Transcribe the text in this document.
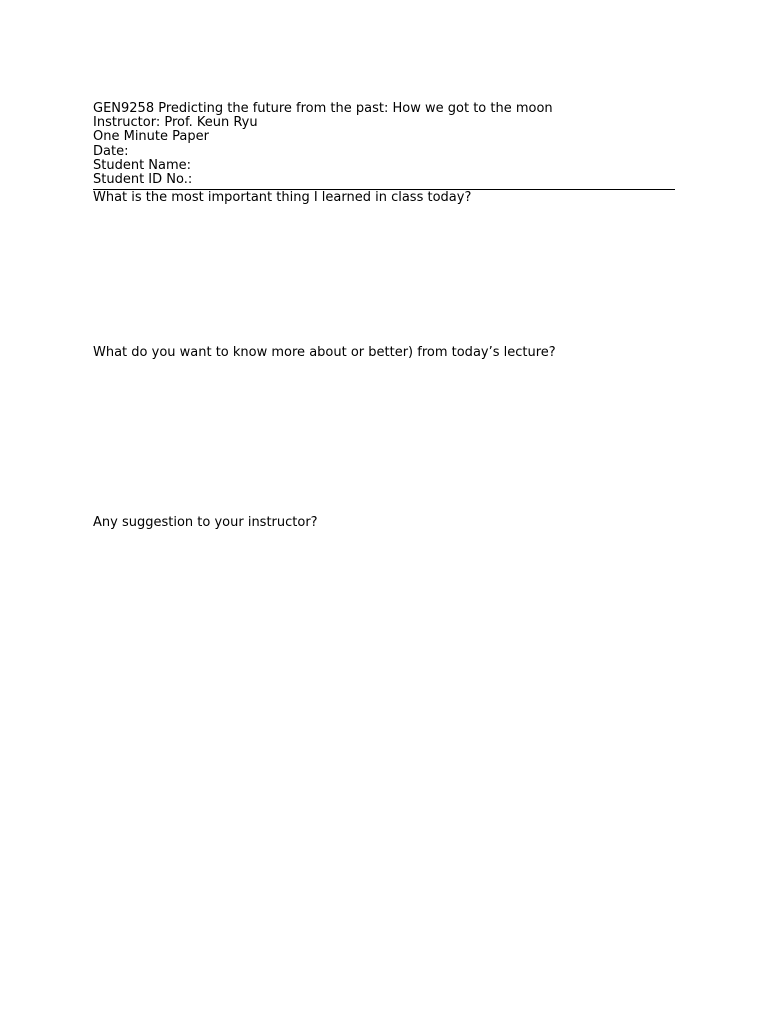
GEN9258 Predicting the future from the past: How we got to the moon
Instructor: Prof. Keun Ryu
One Minute Paper
Date:
Student Name:
Student ID No.:
What is the most important thing I learned in class today?
What do you want to know more about or better) from today’s lecture?
Any suggestion to your instructor?
